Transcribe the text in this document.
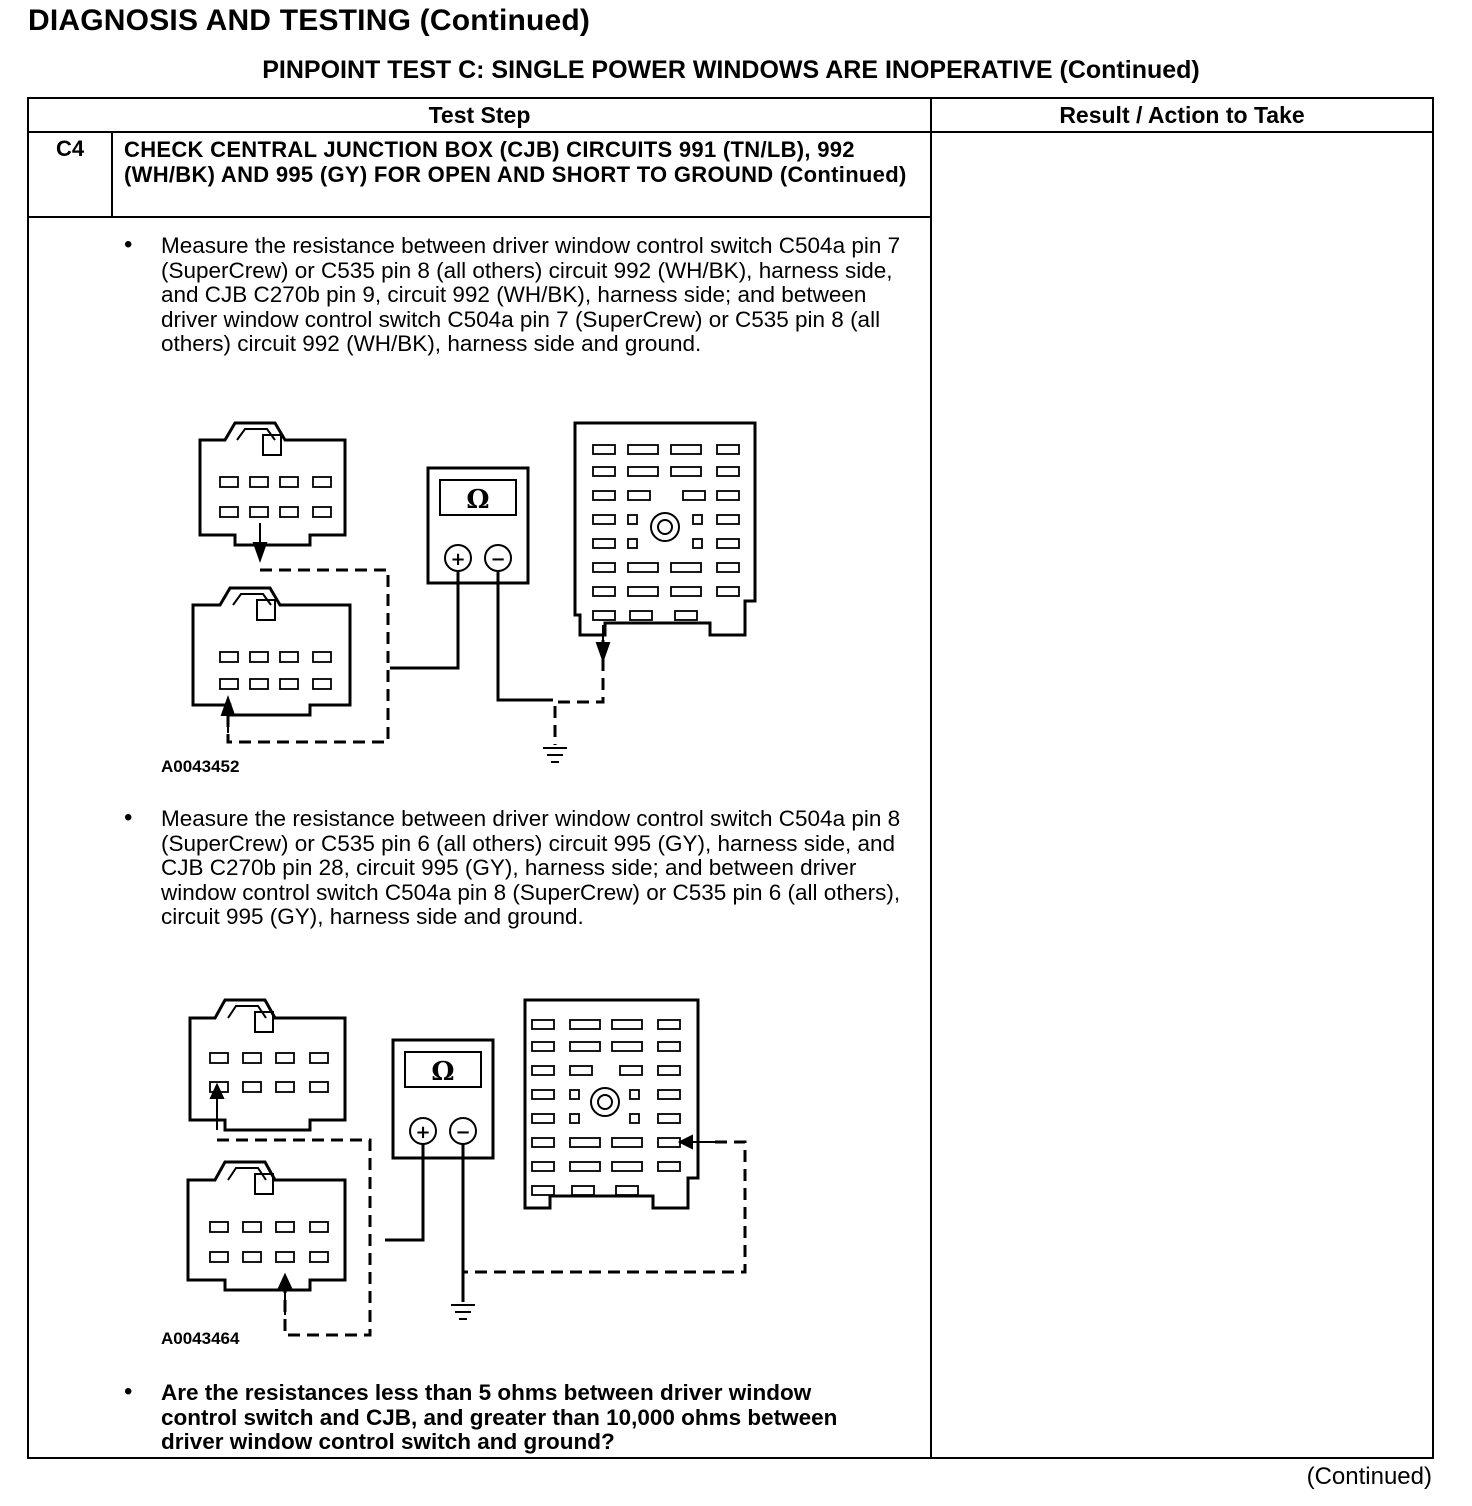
DIAGNOSIS AND TESTING (Continued)
PINPOINT TEST C: SINGLE POWER WINDOWS ARE INOPERATIVE (Continued)
Test Step	Result / Action to Take
C4	CHECK CENTRAL JUNCTION BOX (CJB) CIRCUITS 991 (TN/LB), 992 (WH/BK) AND 995 (GY) FOR OPEN AND SHORT TO GROUND (Continued)
• Measure the resistance between driver window control switch C504a pin 7 (SuperCrew) or C535 pin 8 (all others) circuit 992 (WH/BK), harness side, and CJB C270b pin 9, circuit 992 (WH/BK), harness side; and between driver window control switch C504a pin 7 (SuperCrew) or C535 pin 8 (all others) circuit 992 (WH/BK), harness side and ground.
Ω
+ −
A0043452
• Measure the resistance between driver window control switch C504a pin 8 (SuperCrew) or C535 pin 6 (all others) circuit 995 (GY), harness side, and CJB C270b pin 28, circuit 995 (GY), harness side; and between driver window control switch C504a pin 8 (SuperCrew) or C535 pin 6 (all others), circuit 995 (GY), harness side and ground.
Ω
+ −
A0043464
• Are the resistances less than 5 ohms between driver window control switch and CJB, and greater than 10,000 ohms between driver window control switch and ground?
(Continued)
